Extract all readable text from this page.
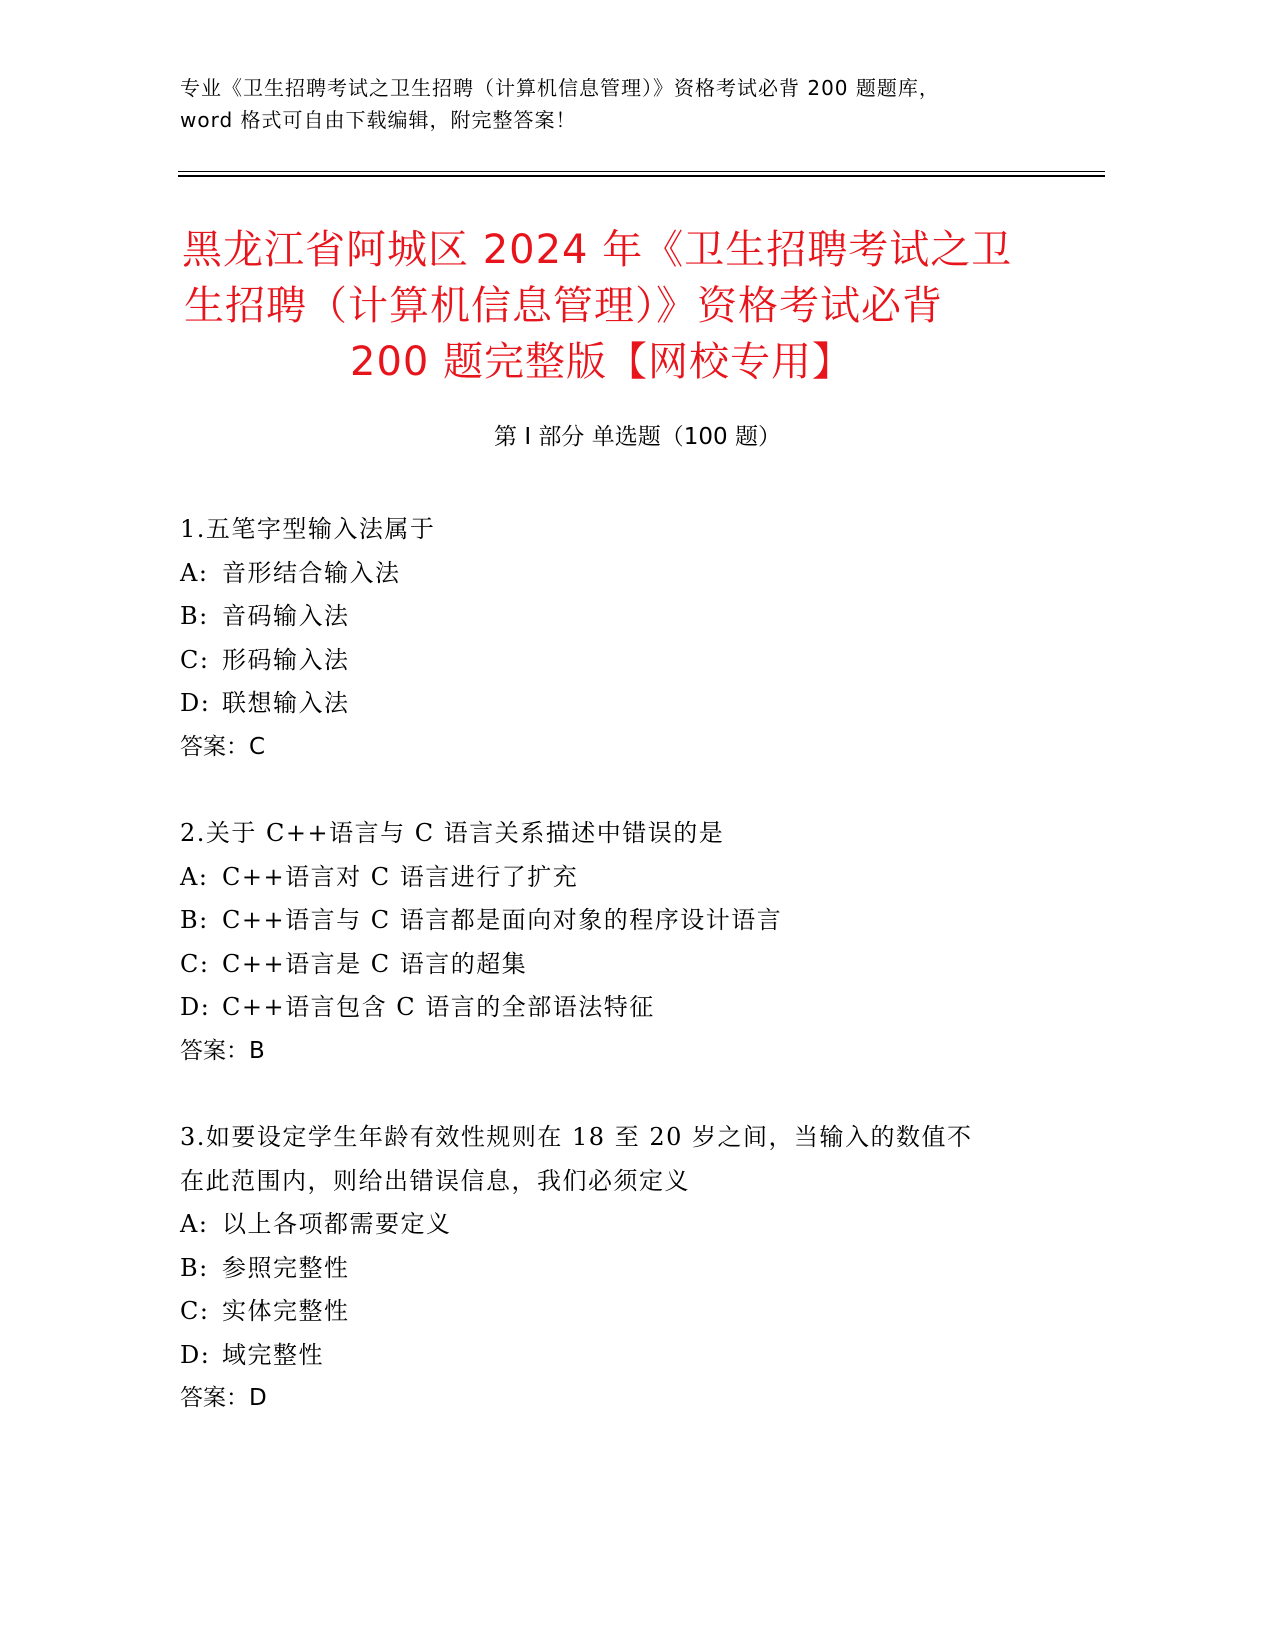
专业《卫生招聘考试之卫生招聘（计算机信息管理）》资格考试必背 200 题题库，
word 格式可自由下载编辑，附完整答案！
黑龙江省阿城区 2024 年《卫生招聘考试之卫
生招聘（计算机信息管理）》资格考试必背
200 题完整版【网校专用】
第 I 部分 单选题（100 题）
1.五笔字型输入法属于
A: 音形结合输入法
B: 音码输入法
C: 形码输入法
D: 联想输入法
答案：C
2.关于 C++语言与 C 语言关系描述中错误的是
A: C++语言对 C 语言进行了扩充
B: C++语言与 C 语言都是面向对象的程序设计语言
C: C++语言是 C 语言的超集
D: C++语言包含 C 语言的全部语法特征
答案：B
3.如要设定学生年龄有效性规则在 18 至 20 岁之间，当输入的数值不
在此范围内，则给出错误信息，我们必须定义
A: 以上各项都需要定义
B: 参照完整性
C: 实体完整性
D: 域完整性
答案：D
